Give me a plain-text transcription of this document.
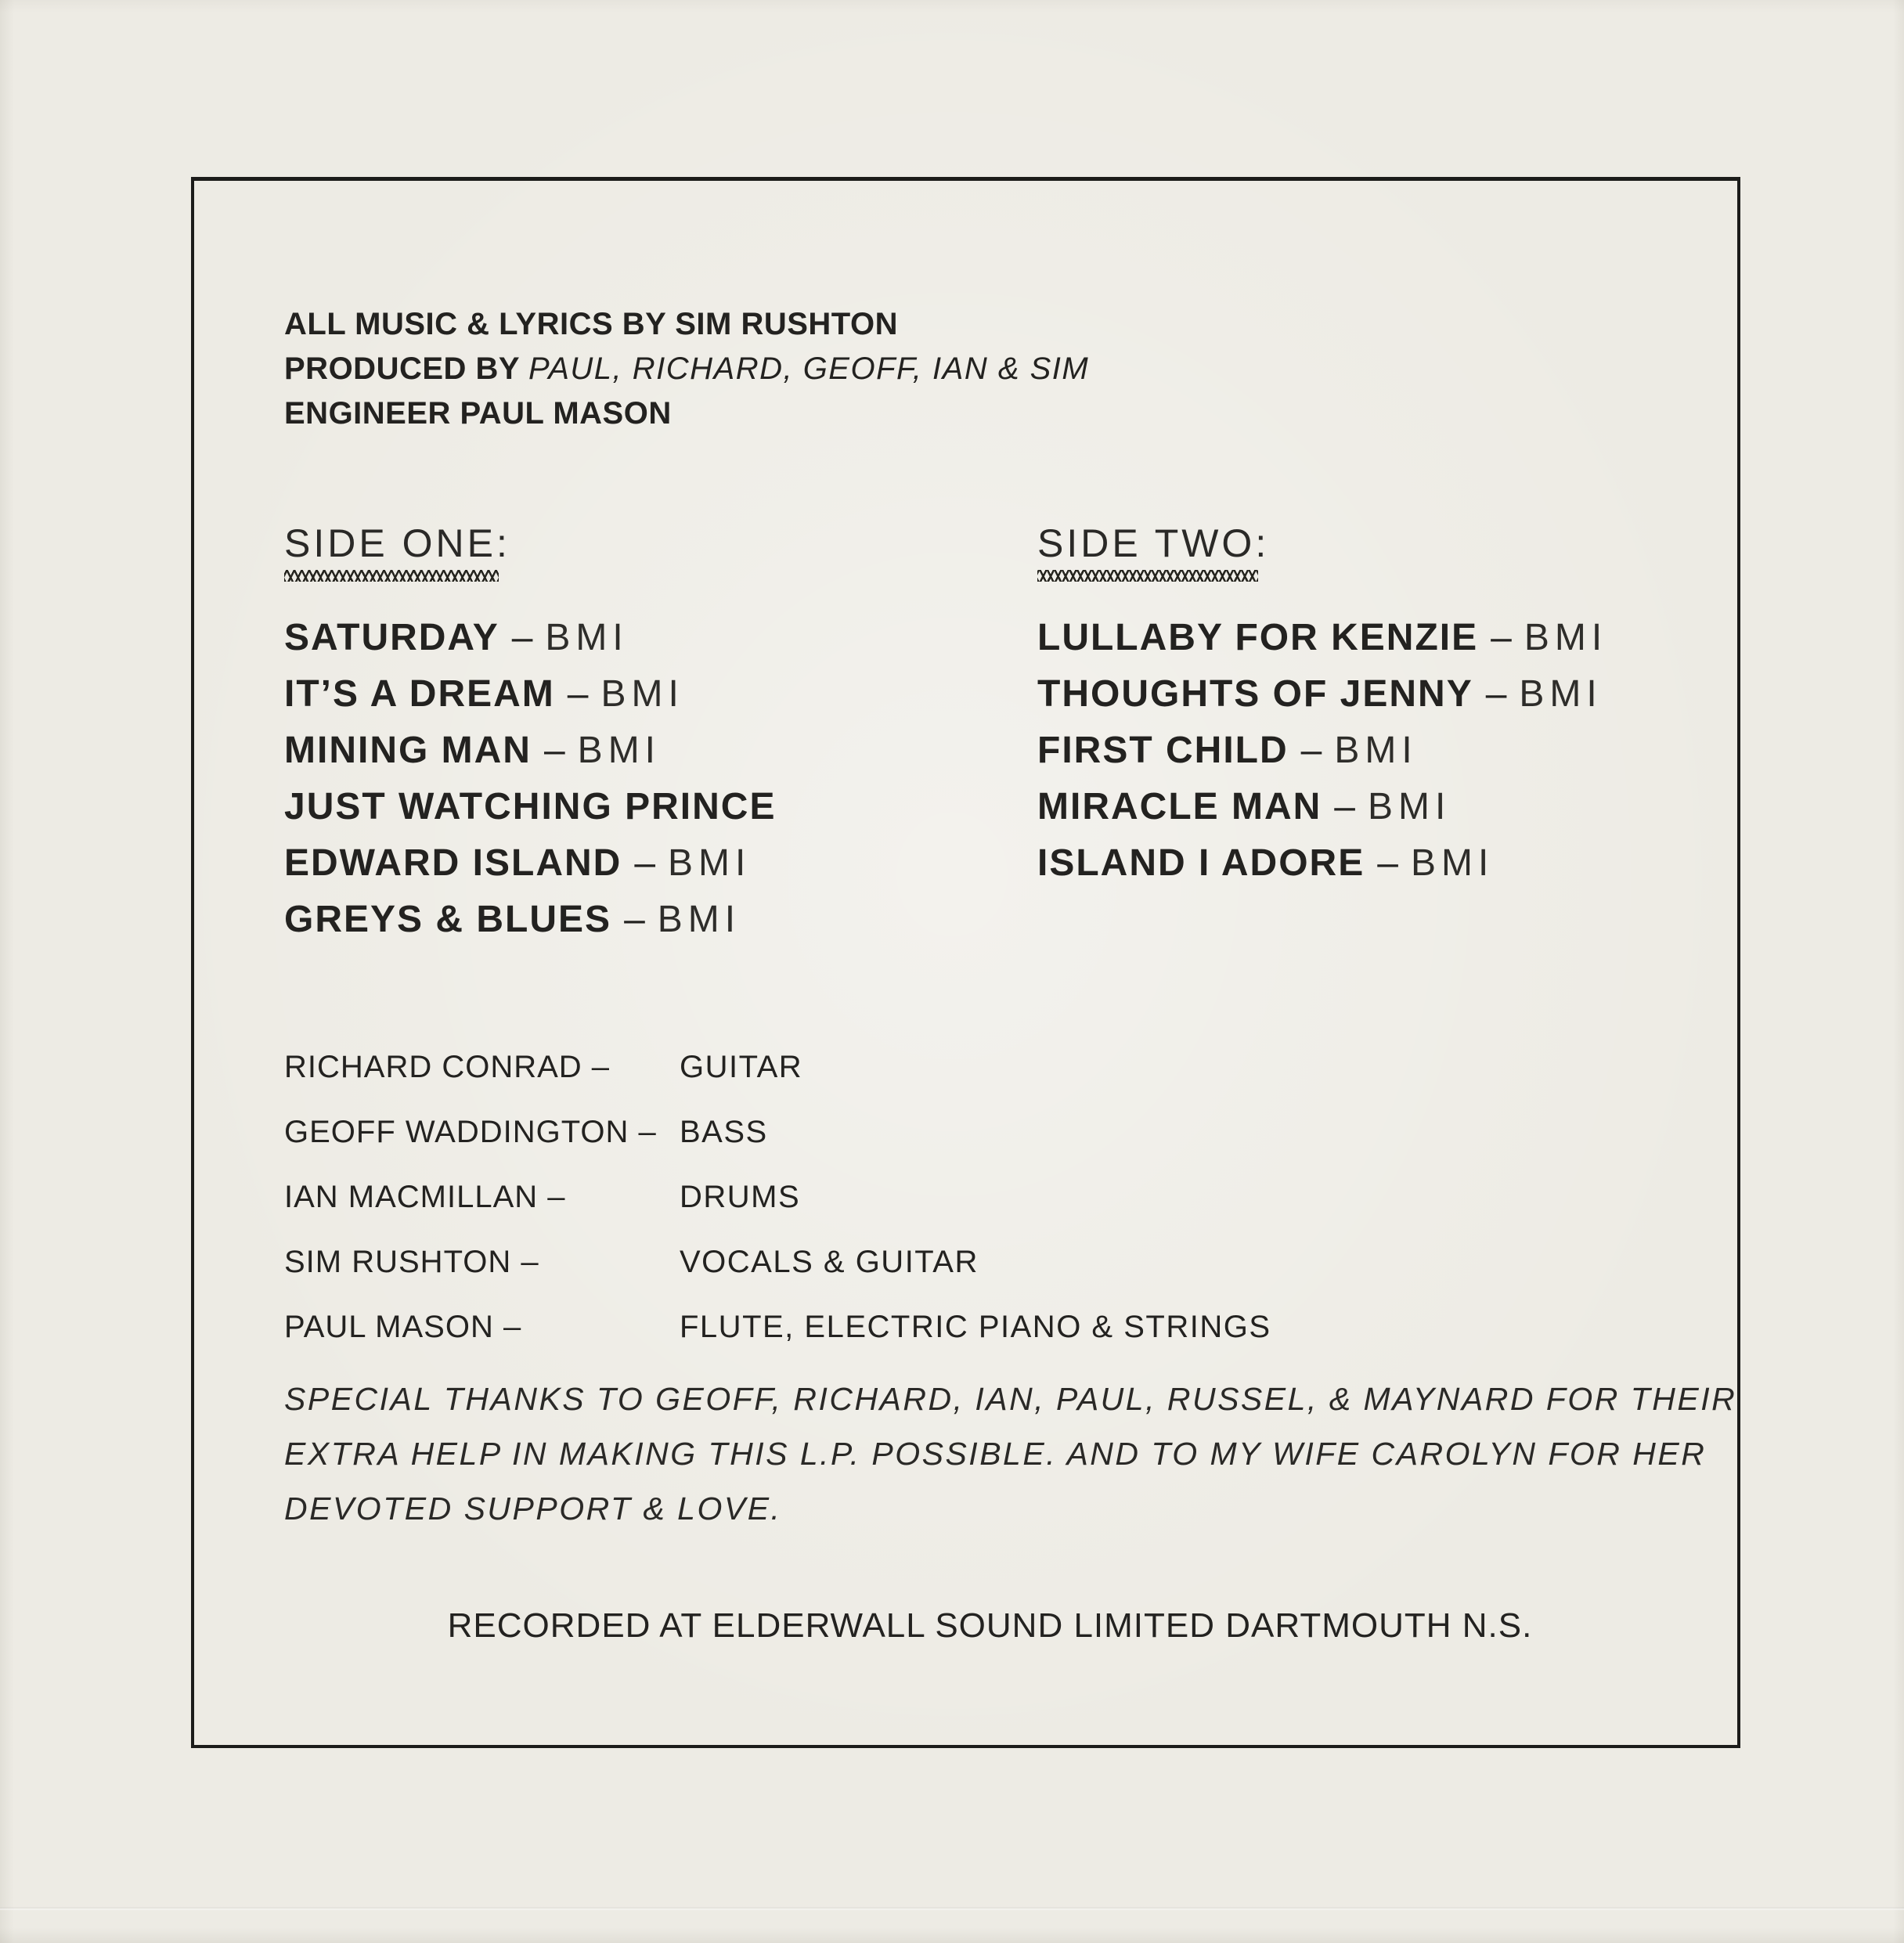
ALL MUSIC & LYRICS BY SIM RUSHTON
PRODUCED BY PAUL, RICHARD, GEOFF, IAN & SIM
ENGINEER PAUL MASON
SIDE ONE:
SATURDAY – BMI
IT’S A DREAM – BMI
MINING MAN – BMI
JUST WATCHING PRINCE
EDWARD ISLAND – BMI
GREYS & BLUES – BMI
SIDE TWO:
LULLABY FOR KENZIE – BMI
THOUGHTS OF JENNY – BMI
FIRST CHILD – BMI
MIRACLE MAN – BMI
ISLAND I ADORE – BMI
RICHARD CONRAD – GUITAR
GEOFF WADDINGTON – BASS
IAN MACMILLAN –	DRUMS
SIM RUSHTON –	VOCALS & GUITAR
PAUL MASON –	FLUTE, ELECTRIC PIANO & STRINGS
SPECIAL THANKS TO GEOFF, RICHARD, IAN, PAUL, RUSSEL, & MAYNARD FOR THEIR
EXTRA HELP IN MAKING THIS L.P. POSSIBLE. AND TO MY WIFE CAROLYN FOR HER
DEVOTED SUPPORT & LOVE.
RECORDED AT ELDERWALL SOUND LIMITED DARTMOUTH N.S.
